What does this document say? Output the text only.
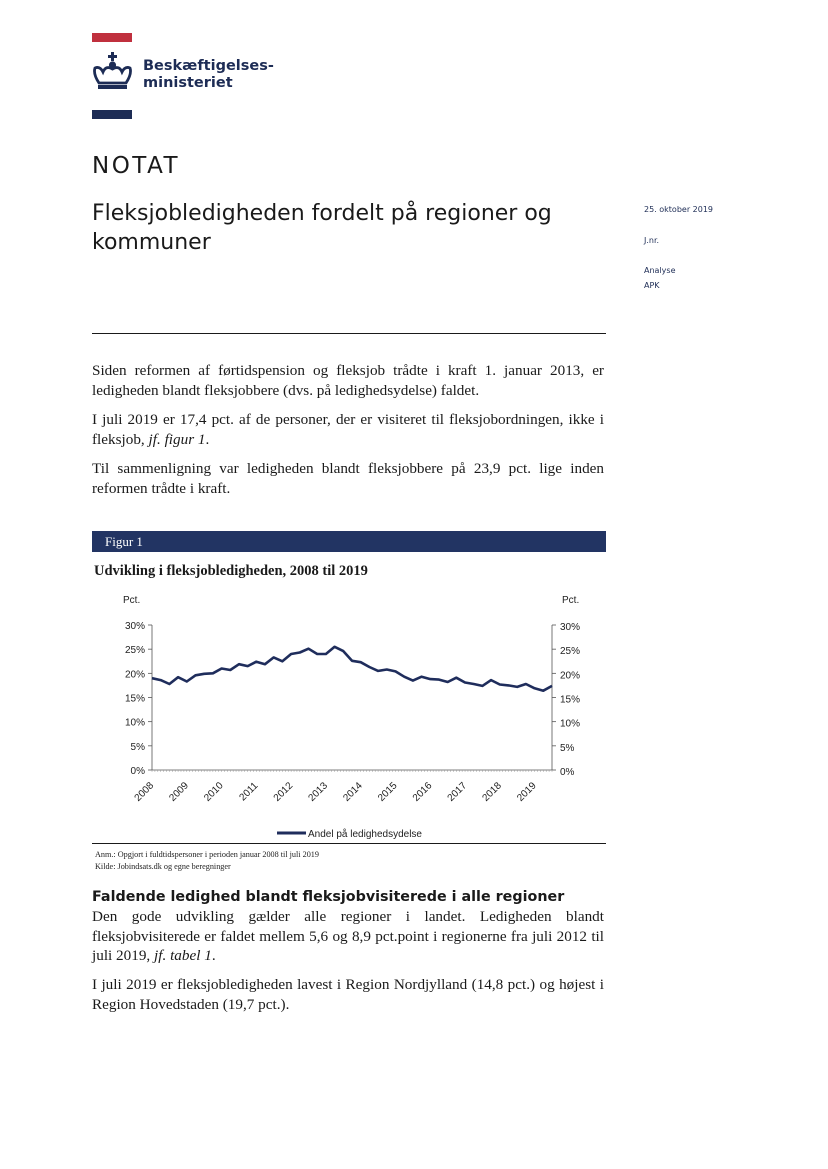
Beskæftigelses-
ministeriet
NOTAT
Fleksjobledigheden fordelt på regioner og kommuner
25. oktober 2019
J.nr.
Analyse
APK
Siden reformen af førtidspension og fleksjob trådte i kraft 1. januar 2013, er ledigheden blandt fleksjobbere (dvs. på ledighedsydelse) faldet.
I juli 2019 er 17,4 pct. af de personer, der er visiteret til fleksjobordningen, ikke i fleksjob, jf. figur 1.
Til sammenligning var ledigheden blandt fleksjobbere på 23,9 pct. lige inden reformen trådte i kraft.
Figur 1
Udvikling i fleksjobledigheden, 2008 til 2019
Pct.	Pct.
0%	0%
5%	5%
10%	10%
15%	15%
20%	20%
25%	25%
30%	30%
2008 2009 2010 2011 2012 2013 2014 2015 2016 2017 2018 2019
Andel på ledighedsydelse
Anm.: Opgjort i fuldtidspersoner i perioden januar 2008 til juli 2019
Kilde: Jobindsats.dk og egne beregninger
Faldende ledighed blandt fleksjobvisiterede i alle regioner
Den gode udvikling gælder alle regioner i landet. Ledigheden blandt fleksjobvisiterede er faldet mellem 5,6 og 8,9 pct.point i regionerne fra juli 2012 til juli 2019, jf. tabel 1.
I juli 2019 er fleksjobledigheden lavest i Region Nordjylland (14,8 pct.) og højest i Region Hovedstaden (19,7 pct.).
